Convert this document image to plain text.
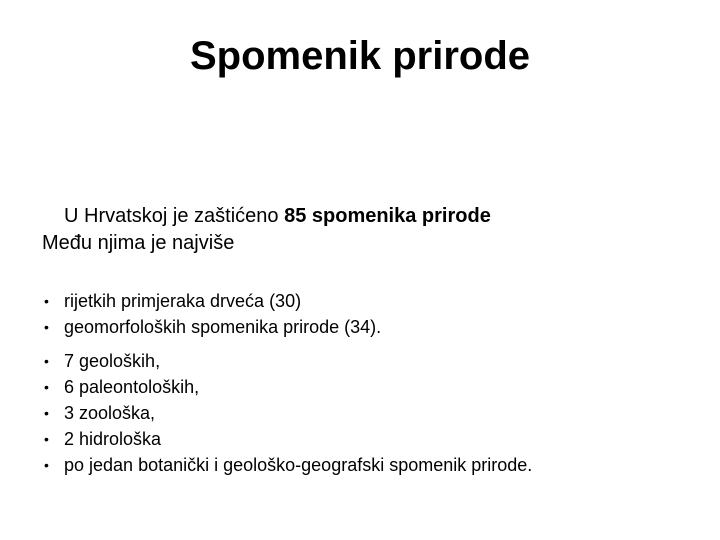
Spomenik prirode
U Hrvatskoj je zaštićeno 85 spomenika prirode
Među njima je najviše
• rijetkih primjeraka drveća (30)
• geomorfoloških spomenika prirode (34).
• 7 geoloških,
• 6 paleontoloških,
• 3 zoološka,
• 2 hidrološka
• po jedan botanički i geološko-geografski spomenik prirode.
